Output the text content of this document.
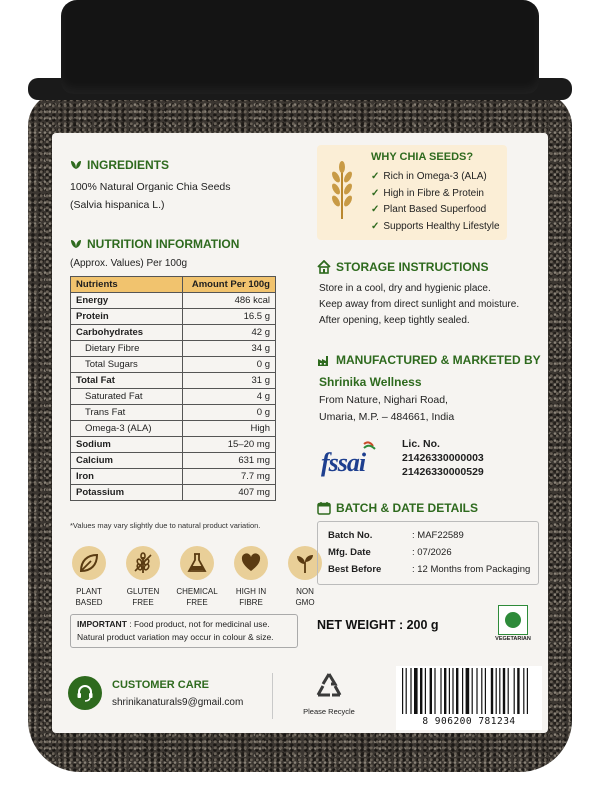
INGREDIENTS
100% Natural Organic Chia Seeds
(Salvia hispanica L.)
NUTRITION INFORMATION
(Approx. Values) Per 100g
Nutrients	Amount Per 100g
Energy	486 kcal
Protein	16.5 g
Carbohydrates	42 g
Dietary Fibre	34 g
Total Sugars	0 g
Total Fat	31 g
Saturated Fat	4 g
Trans Fat	0 g
Omega-3 (ALA)	High
Sodium	15–20 mg
Calcium	631 mg
Iron	7.7 mg
Potassium	407 mg
*Values may vary slightly due to natural product variation.
PLANT
BASED
GLUTEN
FREE
CHEMICAL
FREE
HIGH IN
FIBRE
NON
GMO
IMPORTANT : Food product, not for medicinal use.
Natural product variation may occur in colour & size.
CUSTOMER CARE
shrinikanaturals9@gmail.com
Please Recycle
WHY CHIA SEEDS?
✓ Rich in Omega-3 (ALA)
✓ High in Fibre & Protein
✓ Plant Based Superfood
✓ Supports Healthy Lifestyle
STORAGE INSTRUCTIONS
Store in a cool, dry and hygienic place.
Keep away from direct sunlight and moisture.
After opening, keep tightly sealed.
MANUFACTURED & MARKETED BY
Shrinika Wellness
From Nature, Nighari Road,
Umaria, M.P. – 484661, India
fssai
Lic. No.
21426330000003
21426330000529
BATCH & DATE DETAILS
Batch No.	: MAF22589
Mfg. Date	: 07/2026
Best Before	: 12 Months from Packaging
NET WEIGHT : 200 g
VEGETARIAN
8 906200 781234
